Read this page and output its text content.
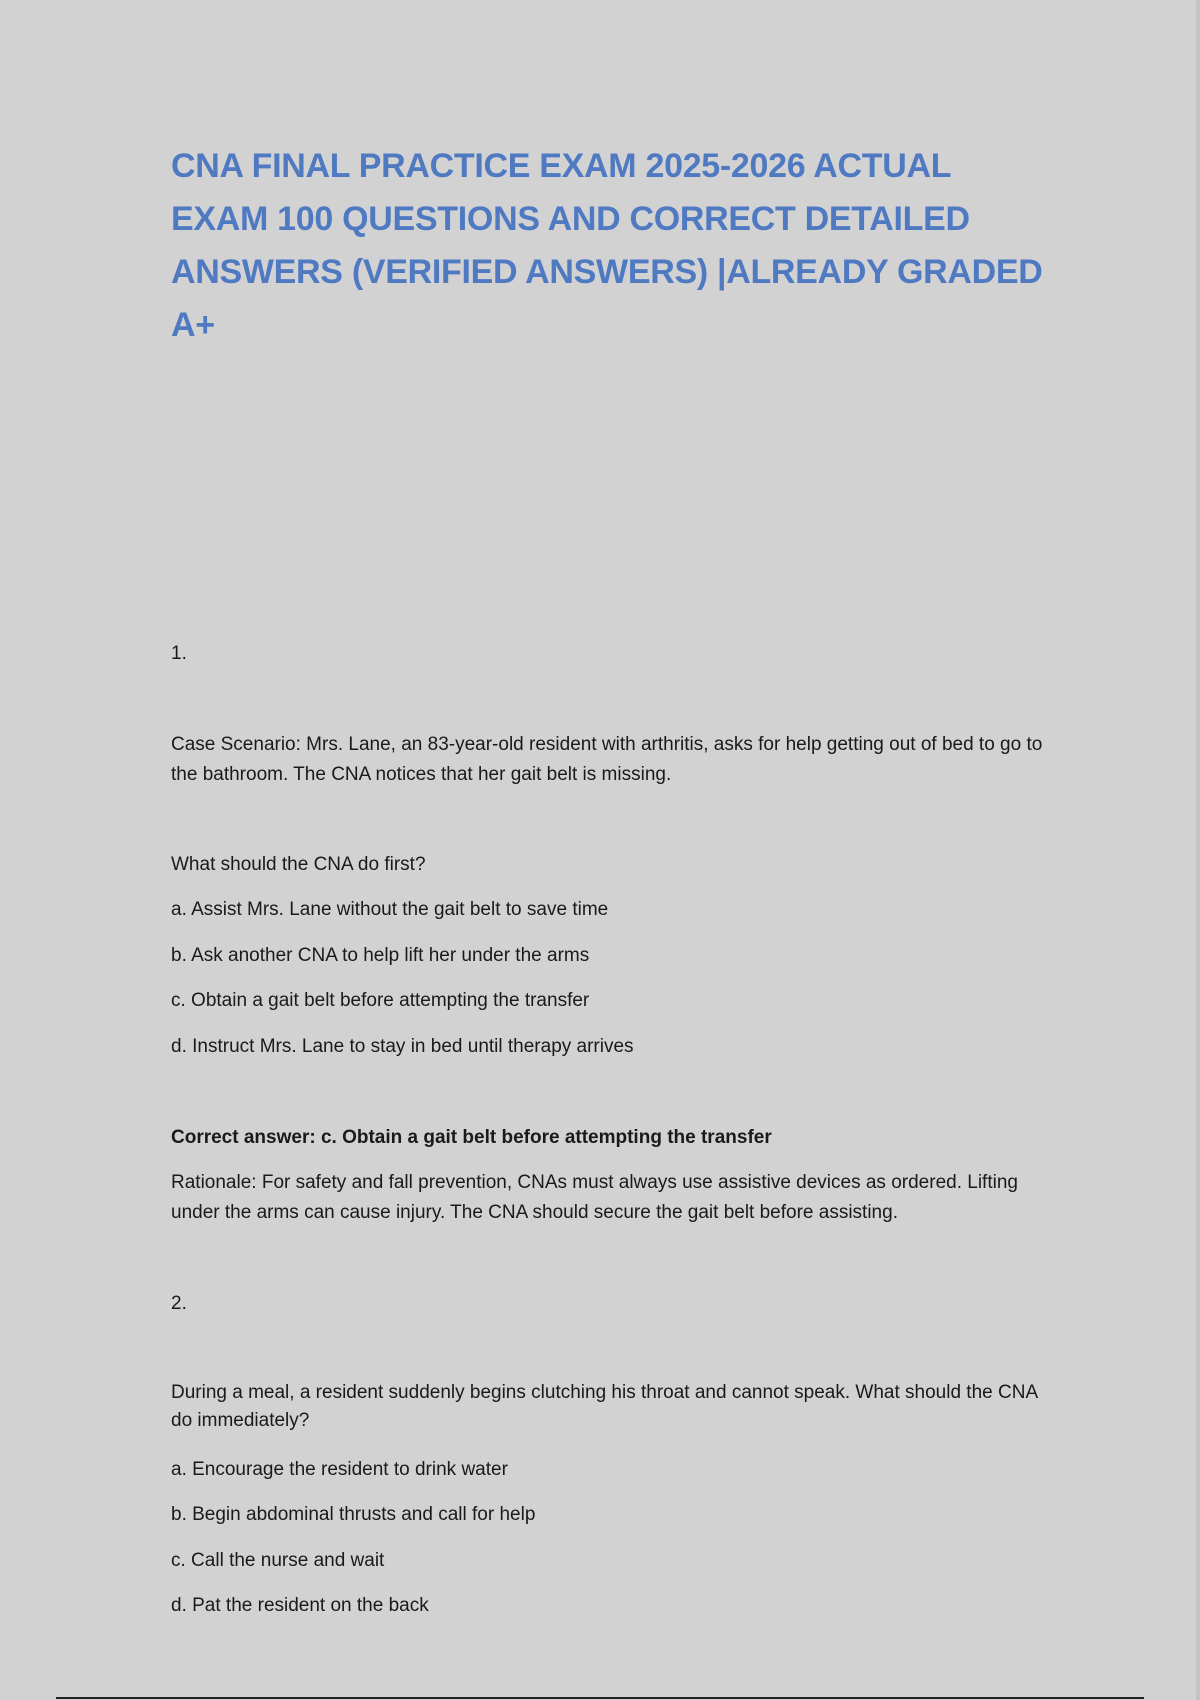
CNA FINAL PRACTICE EXAM 2025-2026 ACTUAL EXAM 100 QUESTIONS AND CORRECT DETAILED ANSWERS (VERIFIED ANSWERS) |ALREADY GRADED A+
1.

Case Scenario: Mrs. Lane, an 83-year-old resident with arthritis, asks for help getting out of bed to go to the bathroom. The CNA notices that her gait belt is missing.

What should the CNA do first?
a. Assist Mrs. Lane without the gait belt to save time
b. Ask another CNA to help lift her under the arms
c. Obtain a gait belt before attempting the transfer
d. Instruct Mrs. Lane to stay in bed until therapy arrives
Correct answer: c. Obtain a gait belt before attempting the transfer

Rationale: For safety and fall prevention, CNAs must always use assistive devices as ordered. Lifting under the arms can cause injury. The CNA should secure the gait belt before assisting.

2.

During a meal, a resident suddenly begins clutching his throat and cannot speak. What should the CNA do immediately?

a. Encourage the resident to drink water
b. Begin abdominal thrusts and call for help
c. Call the nurse and wait
d. Pat the resident on the back
